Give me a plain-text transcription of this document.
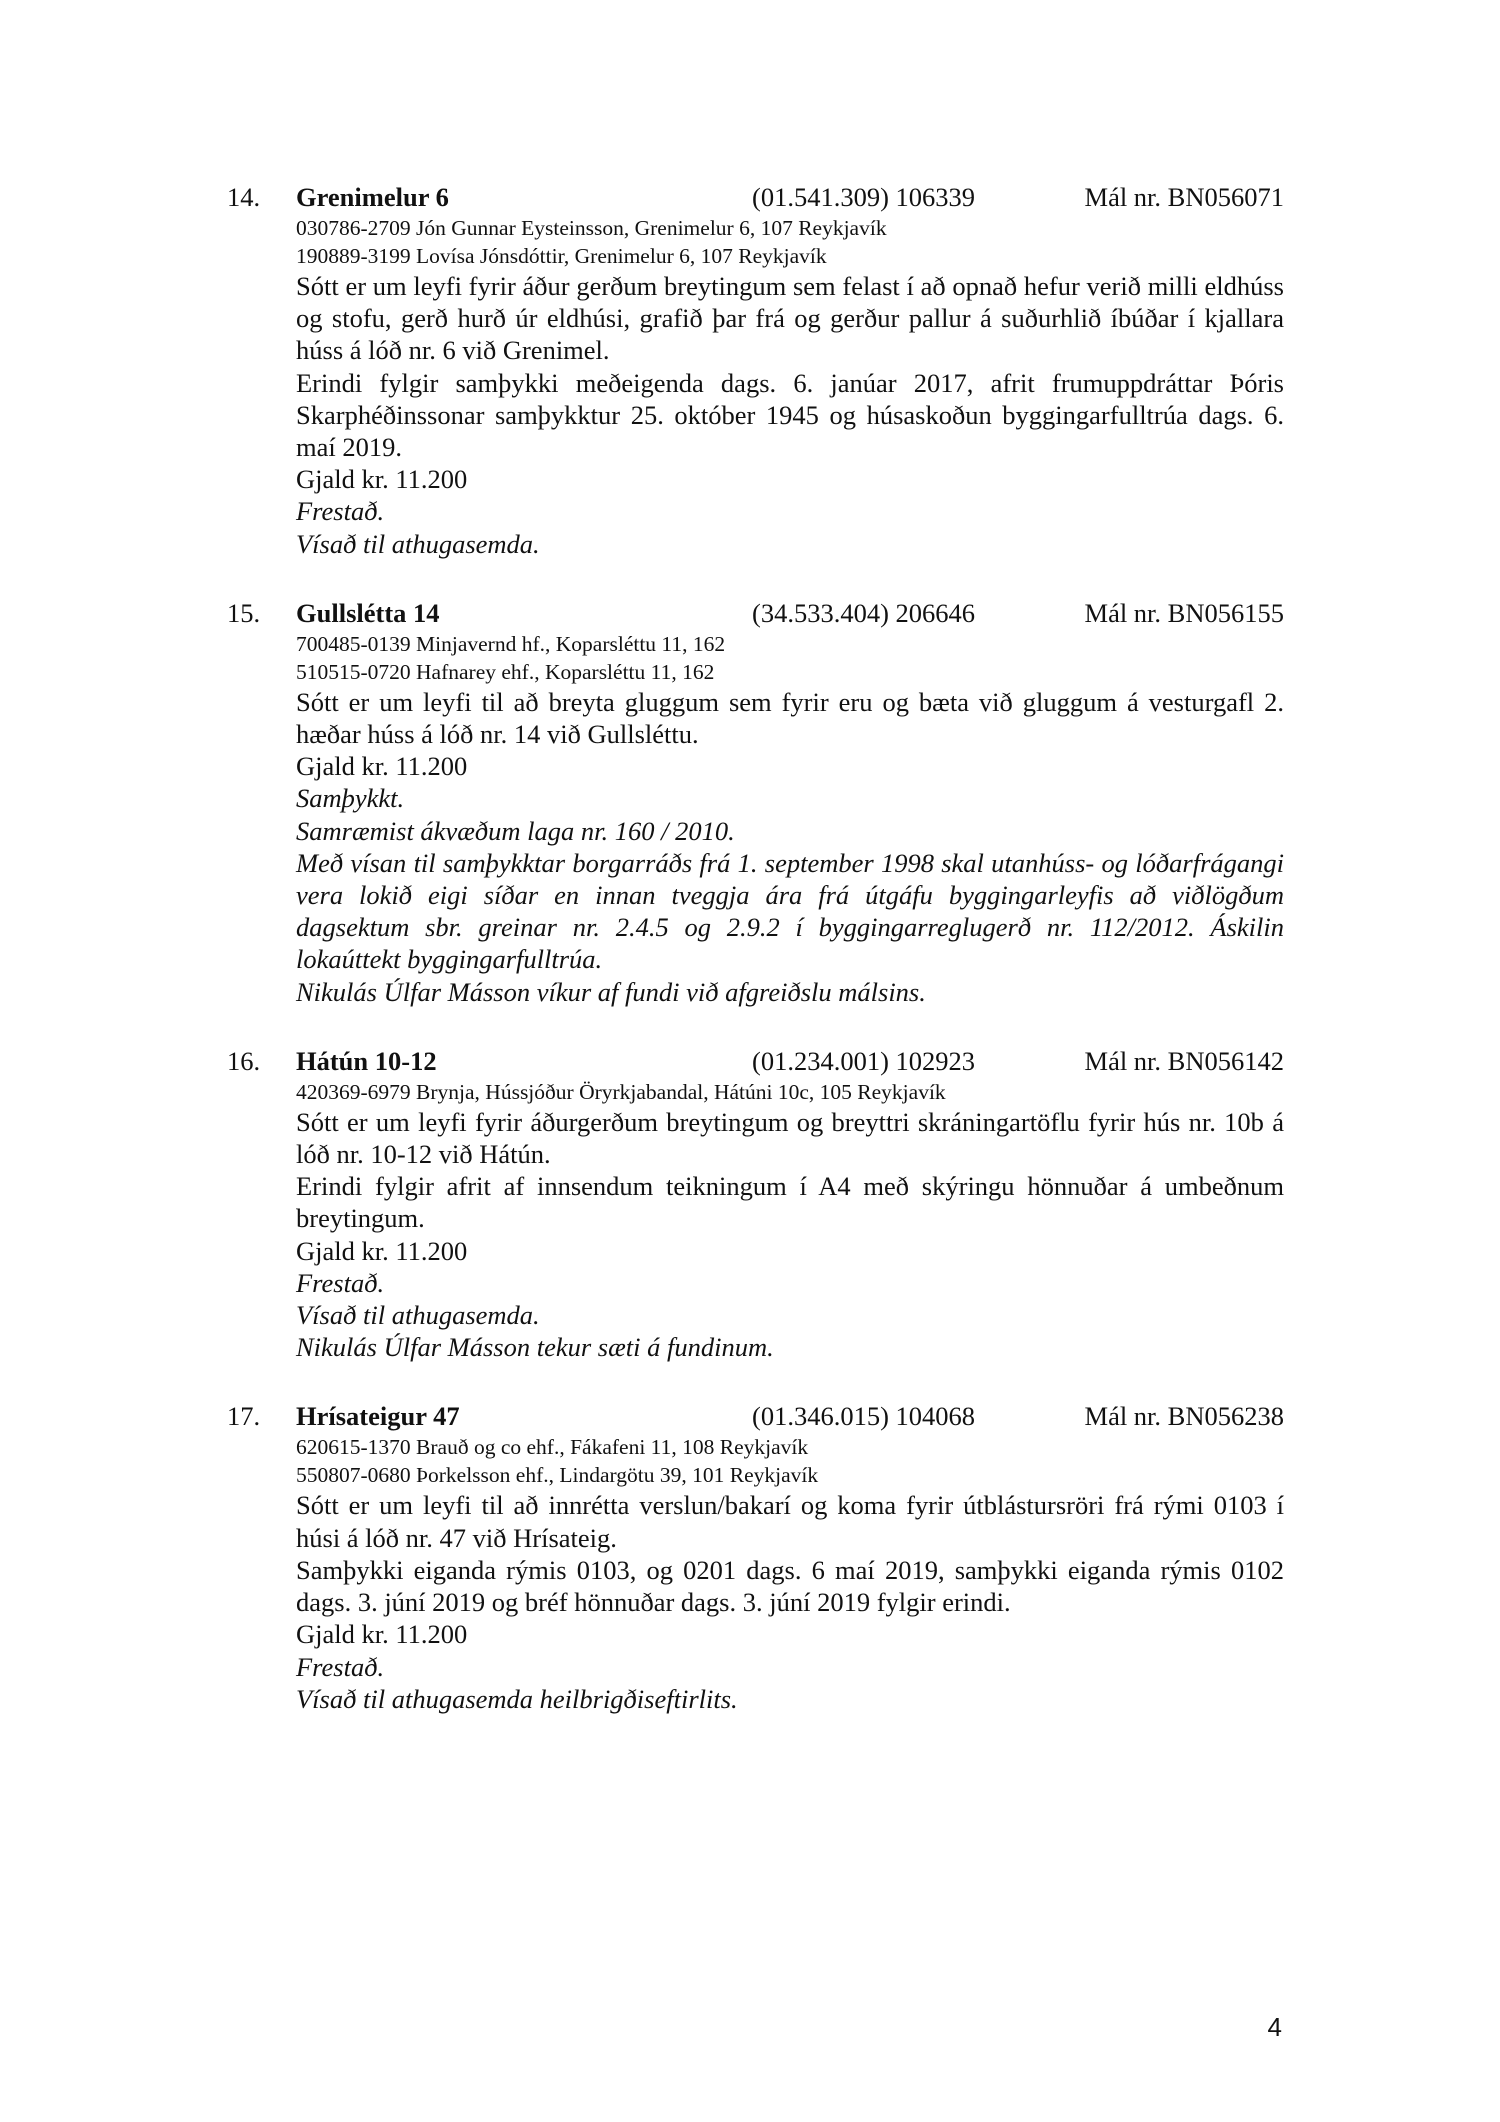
14. Grenimelur 6	(01.541.309) 106339	Mál nr. BN056071
030786-2709 Jón Gunnar Eysteinsson, Grenimelur 6, 107 Reykjavík
190889-3199 Lovísa Jónsdóttir, Grenimelur 6, 107 Reykjavík

Sótt er um leyfi fyrir áður gerðum breytingum sem felast í að opnað hefur verið milli eldhúss og stofu, gerð hurð úr eldhúsi, grafið þar frá og gerður pallur á suðurhlið íbúðar í kjallara húss á lóð nr. 6 við Grenimel.

Erindi fylgir samþykki meðeigenda dags. 6. janúar 2017, afrit frumuppdráttar Þóris Skarphéðinssonar samþykktur 25. október 1945 og húsaskoðun byggingarfulltrúa dags. 6. maí 2019.

Gjald kr. 11.200

Frestað.

Vísað til athugasemda.

15. Gullslétta 14	(34.533.404) 206646	Mál nr. BN056155
700485-0139 Minjavernd hf., Koparsléttu 11, 162
510515-0720 Hafnarey ehf., Koparsléttu 11, 162

Sótt er um leyfi til að breyta gluggum sem fyrir eru og bæta við gluggum á vesturgafl 2. hæðar húss á lóð nr. 14 við Gullsléttu.

Gjald kr. 11.200

Samþykkt.

Samræmist ákvæðum laga nr. 160 / 2010.

Með vísan til samþykktar borgarráðs frá 1. september 1998 skal utanhúss- og lóðarfrágangi vera lokið eigi síðar en innan tveggja ára frá útgáfu byggingarleyfis að viðlögðum dagsektum sbr. greinar nr. 2.4.5 og 2.9.2 í byggingarreglugerð nr. 112/2012. Áskilin lokaúttekt byggingarfulltrúa.

Nikulás Úlfar Másson víkur af fundi við afgreiðslu málsins.

16. Hátún 10-12	(01.234.001) 102923	Mál nr. BN056142
420369-6979 Brynja, Hússjóður Öryrkjabandal, Hátúni 10c, 105 Reykjavík

Sótt er um leyfi fyrir áðurgerðum breytingum og breyttri skráningartöflu fyrir hús nr. 10b á lóð nr. 10-12 við Hátún.

Erindi fylgir afrit af innsendum teikningum í A4 með skýringu hönnuðar á umbeðnum breytingum.

Gjald kr. 11.200

Frestað.

Vísað til athugasemda.

Nikulás Úlfar Másson tekur sæti á fundinum.

17. Hrísateigur 47	(01.346.015) 104068	Mál nr. BN056238
620615-1370 Brauð og co ehf., Fákafeni 11, 108 Reykjavík
550807-0680 Þorkelsson ehf., Lindargötu 39, 101 Reykjavík

Sótt er um leyfi til að innrétta verslun/bakarí og koma fyrir útblástursröri frá rými 0103 í húsi á lóð nr. 47 við Hrísateig.

Samþykki eiganda rýmis 0103, og 0201 dags. 6 maí 2019, samþykki eiganda rýmis 0102 dags. 3. júní 2019 og bréf hönnuðar dags. 3. júní 2019 fylgir erindi.

Gjald kr. 11.200

Frestað.

Vísað til athugasemda heilbrigðiseftirlits.

4
